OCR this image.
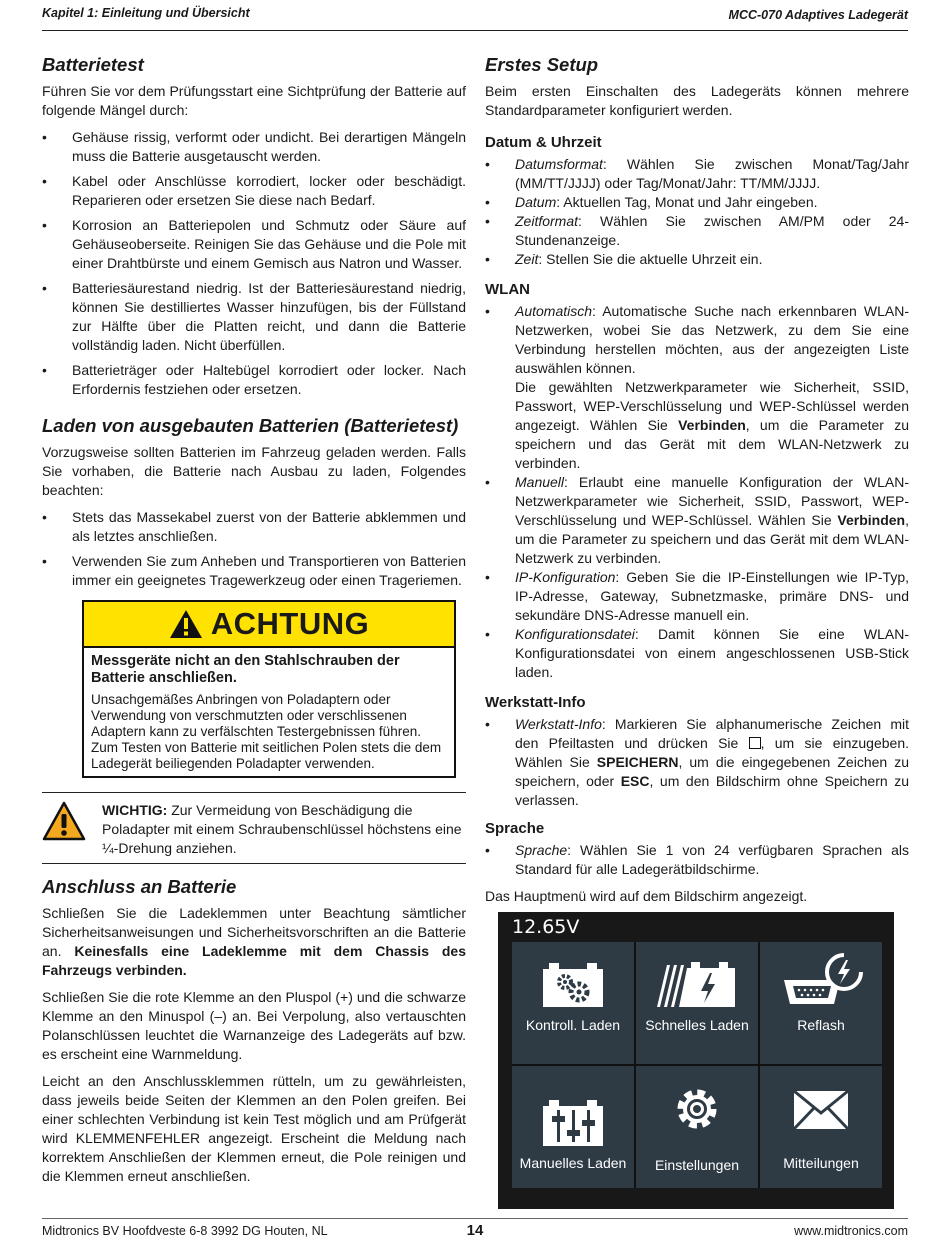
Kapitel 1: Einleitung und Übersicht	MCC-070 Adaptives Ladegerät
Batterietest

Führen Sie vor dem Prüfungsstart eine Sichtprüfung der Batterie auf folgende Mängel durch:

• Gehäuse rissig, verformt oder undicht. Bei derartigen Mängeln muss die Batterie ausgetauscht werden.
• Kabel oder Anschlüsse korrodiert, locker oder beschädigt. Reparieren oder ersetzen Sie diese nach Bedarf.
• Korrosion an Batteriepolen und Schmutz oder Säure auf Gehäuseoberseite. Reinigen Sie das Gehäuse und die Pole mit einer Drahtbürste und einem Gemisch aus Natron und Wasser.
• Batteriesäurestand niedrig. Ist der Batteriesäurestand niedrig, können Sie destilliertes Wasser hinzufügen, bis der Füllstand zur Hälfte über die Platten reicht, und dann die Batterie vollständig laden. Nicht überfüllen.
• Batterieträger oder Haltebügel korrodiert oder locker. Nach Erfordernis festziehen oder ersetzen.
Laden von ausgebauten Batterien (Batterietest)

Vorzugsweise sollten Batterien im Fahrzeug geladen werden. Falls Sie vorhaben, die Batterie nach Ausbau zu laden, Folgendes beachten:

• Stets das Massekabel zuerst von der Batterie abklemmen und als letztes anschließen.
• Verwenden Sie zum Anheben und Transportieren von Batterien immer ein geeignetes Tragewerkzeug oder einen Trageriemen.
ACHTUNG
Messgeräte nicht an den Stahlschrauben der Batterie anschließen.
Unsachgemäßes Anbringen von Poladaptern oder Verwendung von verschmutzten oder verschlissenen Adaptern kann zu verfälschten Testergebnissen führen. Zum Testen von Batterie mit seitlichen Polen stets die dem Ladegerät beiliegenden Poladapter verwenden.

WICHTIG: Zur Vermeidung von Beschädigung die Poladapter mit einem Schraubenschlüssel höchstens eine ¼-Drehung anziehen.

Anschluss an Batterie

Schließen Sie die Ladeklemmen unter Beachtung sämtlicher Sicherheitsanweisungen und Sicherheitsvorschriften an die Batterie an. Keinesfalls eine Ladeklemme mit dem Chassis des Fahrzeugs verbinden.

Schließen Sie die rote Klemme an den Pluspol (+) und die schwarze Klemme an den Minuspol (–) an. Bei Verpolung, also vertauschten Polanschlüssen leuchtet die Warnanzeige des Ladegeräts auf bzw. es erscheint eine Warnmeldung.

Leicht an den Anschlussklemmen rütteln, um zu gewährleisten, dass jeweils beide Seiten der Klemmen an den Polen greifen. Bei einer schlechten Verbindung ist kein Test möglich und am Prüfgerät wird KLEMMENFEHLER angezeigt. Erscheint die Meldung nach korrektem Anschließen der Klemmen erneut, die Pole reinigen und die Klemmen erneut anschließen.

Erstes Setup

Beim ersten Einschalten des Ladegeräts können mehrere Standardparameter konfiguriert werden.

Datum & Uhrzeit
• Datumsformat: Wählen Sie zwischen Monat/Tag/Jahr (MM/TT/JJJJ) oder Tag/Monat/Jahr: TT/MM/JJJJ.
• Datum: Aktuellen Tag, Monat und Jahr eingeben.
• Zeitformat: Wählen Sie zwischen AM/PM oder 24-Stundenanzeige.
• Zeit: Stellen Sie die aktuelle Uhrzeit ein.
WLAN
• Automatisch: Automatische Suche nach erkennbaren WLAN-Netzwerken, wobei Sie das Netzwerk, zu dem Sie eine Verbindung herstellen möchten, aus der angezeigten Liste auswählen können.
Die gewählten Netzwerkparameter wie Sicherheit, SSID, Passwort, WEP-Verschlüsselung und WEP-Schlüssel werden angezeigt. Wählen Sie Verbinden, um die Parameter zu speichern und das Gerät mit dem WLAN-Netzwerk zu verbinden.
• Manuell: Erlaubt eine manuelle Konfiguration der WLAN-Netzwerkparameter wie Sicherheit, SSID, Passwort, WEP-Verschlüsselung und WEP-Schlüssel. Wählen Sie Verbinden, um die Parameter zu speichern und das Gerät mit dem WLAN-Netzwerk zu verbinden.
• IP-Konfiguration: Geben Sie die IP-Einstellungen wie IP-Typ, IP-Adresse, Gateway, Subnetzmaske, primäre DNS- und sekundäre DNS-Adresse manuell ein.
• Konfigurationsdatei: Damit können Sie eine WLAN-Konfigurationsdatei von einem angeschlossenen USB-Stick laden.
Werkstatt-Info
• Werkstatt-Info: Markieren Sie alphanumerische Zeichen mit den Pfeiltasten und drücken Sie , um sie einzugeben. Wählen Sie SPEICHERN, um die eingegebenen Zeichen zu speichern, oder ESC, um den Bildschirm ohne Speichern zu verlassen.
Sprache
• Sprache: Wählen Sie 1 von 24 verfügbaren Sprachen als Standard für alle Ladegerätbildschirme.

Das Hauptmenü wird auf dem Bildschirm angezeigt.

12.65V
Kontroll. Laden Schnelles Laden	Reflash
Manuelles Laden Einstellungen	Mitteilungen
Midtronics BV Hoofdveste 6-8 3992 DG Houten, NL	14	www.midtronics.com
